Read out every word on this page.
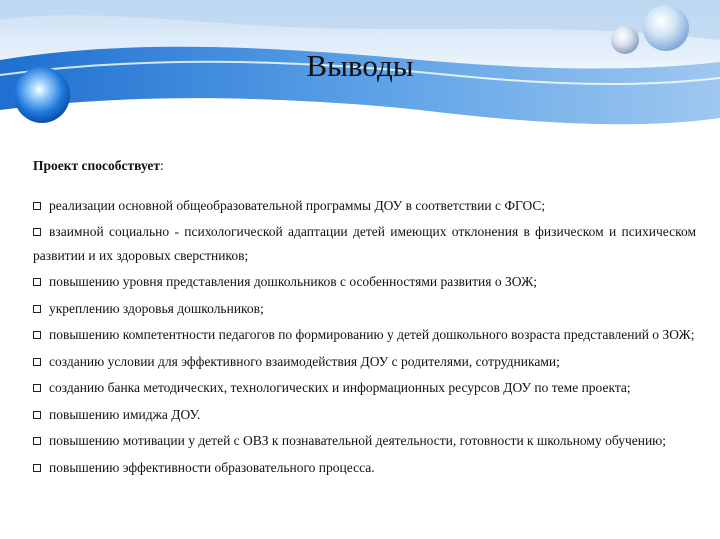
Выводы

Проект способствует:

реализации основной общеобразовательной программы ДОУ в соответствии с ФГОС;
взаимной социально - психологической адаптации детей имеющих отклонения в физическом и психическом развитии и их здоровых сверстников;
повышению уровня представления дошкольников с особенностями развития о ЗОЖ;
укреплению здоровья дошкольников;
повышению компетентности педагогов по формированию у детей дошкольного возраста представлений о ЗОЖ;
созданию условии для эффективного взаимодействия ДОУ с родителями, сотрудниками;
созданию банка методических, технологических и информационных ресурсов ДОУ по теме проекта;
повышению имиджа ДОУ.
повышению мотивации у детей с ОВЗ к познавательной деятельности, готовности к школьному обучению;
повышению эффективности образовательного процесса.
